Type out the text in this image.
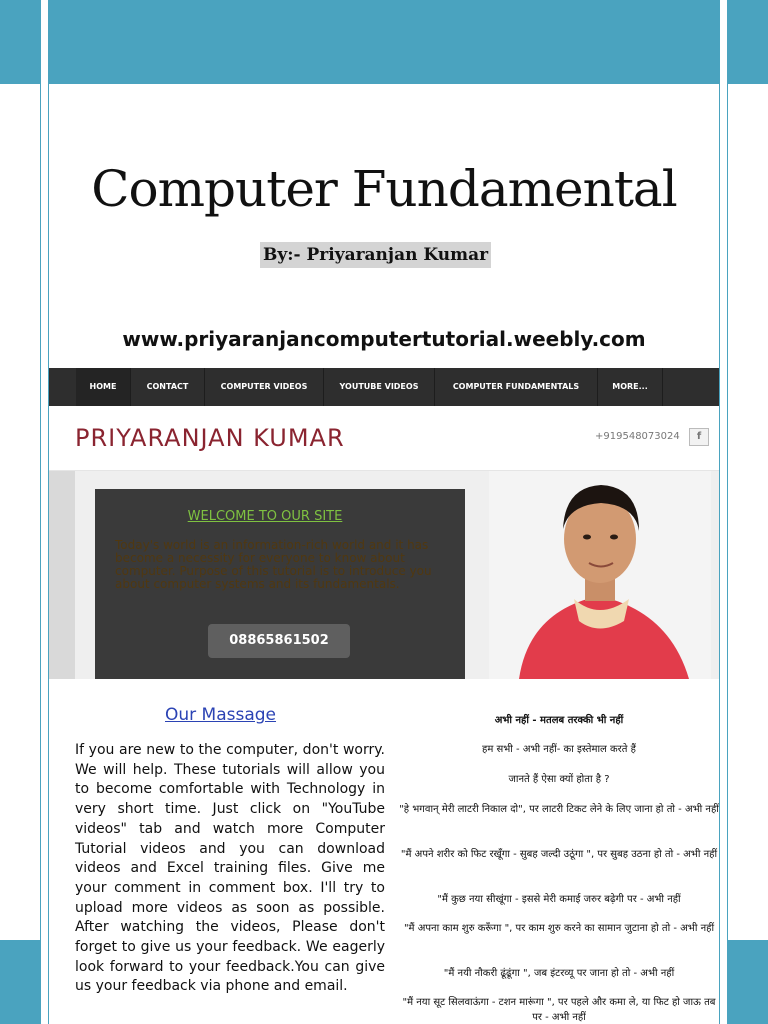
Computer Fundamental
By:- Priyaranjan Kumar
www.priyaranjancomputertutorial.weebly.com
HOME	CONTACT	COMPUTER VIDEOS	YOUTUBE VIDEOS	COMPUTER FUNDAMENTALS	MORE...
PRIYARANJAN KUMAR	+919548073024	f
WELCOME TO OUR SITE
Today's world is an information-rich world and it has become a necessity for everyone to know about computer. Purpose of this tutorial is to introduce you about computer systems and its fundamentals.
08865861502
Our Massage
If you are new to the computer, don't worry. We will help. These tutorials will allow you to become comfortable with Technology in very short time. Just click on "YouTube videos" tab and watch more Computer Tutorial videos and you can download videos and Excel training files. Give me your comment in comment box. I'll try to upload more videos as soon as possible. After watching the videos, Please don't forget to give us your feedback. We eagerly look forward to your feedback.You can give us your feedback via phone and email.
अभी नहीं - मतलब तरक्की भी नहीं
हम सभी - अभी नहीं- का इस्तेमाल करते हैं
जानते हैं ऐसा क्यों होता है ?
"हे भगवान् मेरी लाटरी निकाल दो", पर लाटरी टिकट लेने के लिए जाना हो तो - अभी नहीं
"मैं अपने शरीर को फिट रखूँगा - सुबह जल्दी उठूंगा ", पर सुबह उठना हो तो - अभी नहीं
"मैं कुछ नया सीखूंगा - इससे मेरी कमाई जरुर बढ़ेगी पर - अभी नहीं
"मैं अपना काम शुरु करूँगा ", पर काम शुरु करने का सामान जुटाना हो तो - अभी नहीं
"मैं नयी नौकरी ढूंढूंगा ", जब इंटरव्यू पर जाना हो तो - अभी नहीं
"मैं नया सूट सिलवाऊंगा - टशन मारूंगा ", पर पहले और कमा ले, या फिट हो जाऊ तब पर - अभी नहीं
